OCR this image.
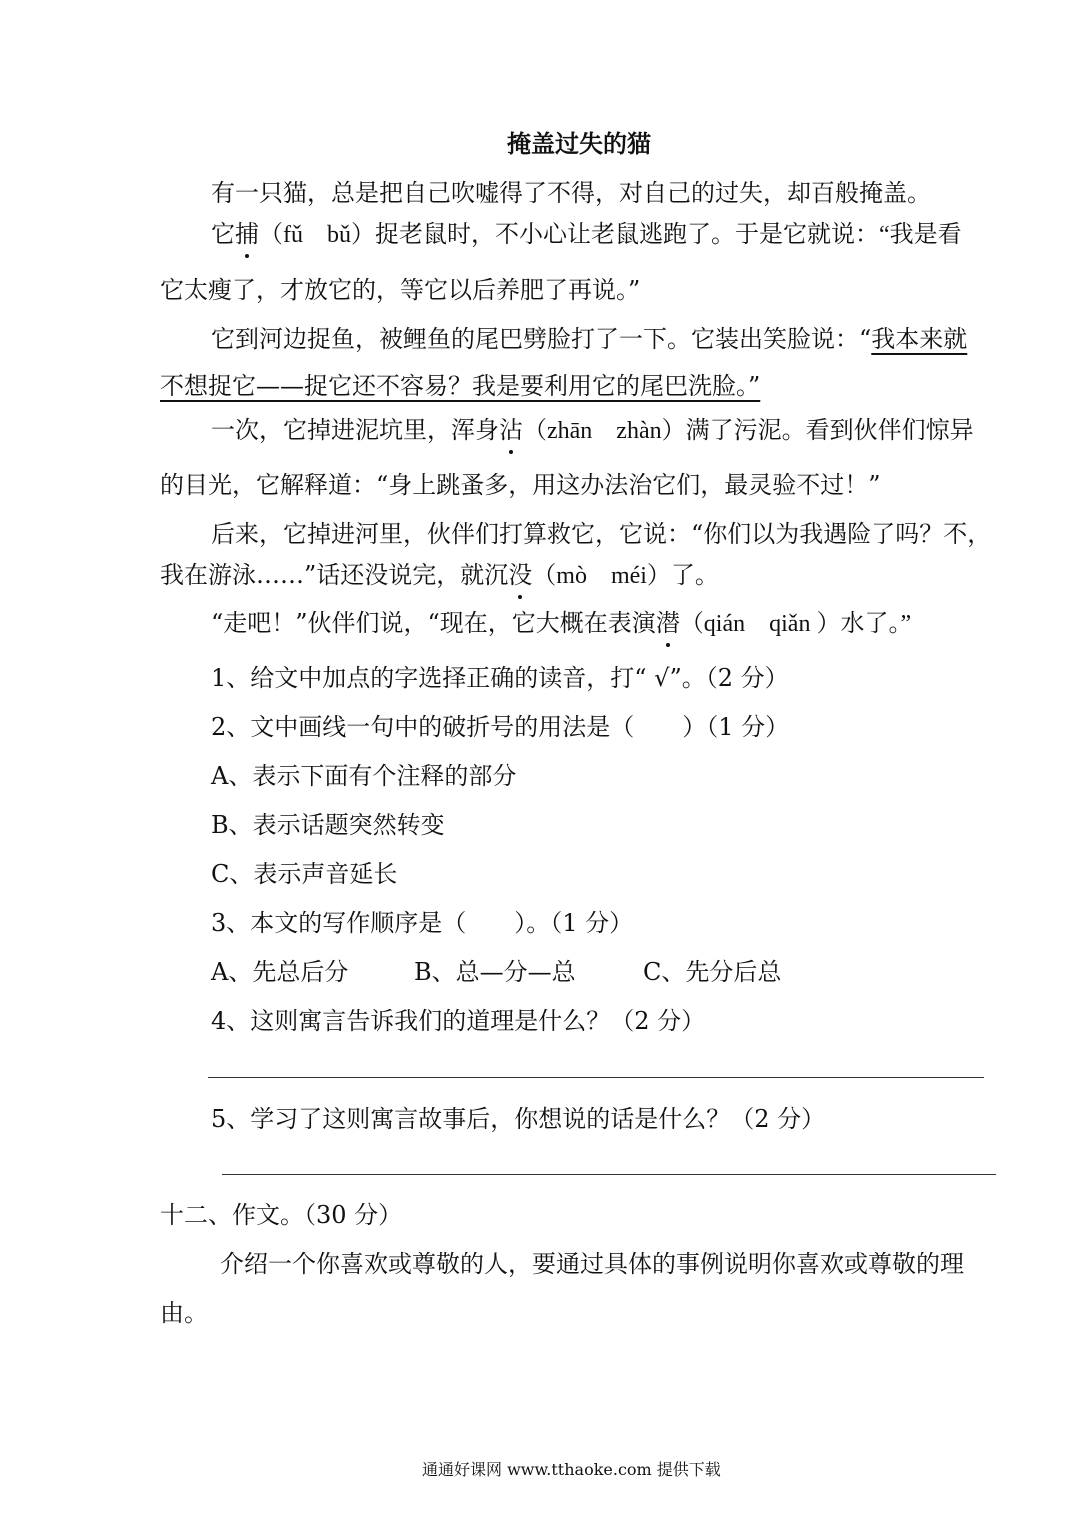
掩盖过失的猫
有一只猫，总是把自己吹嘘得了不得，对自己的过失，却百般掩盖。
它捕（fǔ　bǔ）捉老鼠时，不小心让老鼠逃跑了。于是它就说：“我是看
它太瘦了，才放它的，等它以后养肥了再说。”
它到河边捉鱼，被鲤鱼的尾巴劈脸打了一下。它装出笑脸说：“我本来就
不想捉它——捉它还不容易？我是要利用它的尾巴洗脸。”
一次，它掉进泥坑里，浑身沾（zhān　zhàn）满了污泥。看到伙伴们惊异
的目光，它解释道：“身上跳蚤多，用这办法治它们，最灵验不过！”
后来，它掉进河里，伙伴们打算救它，它说：“你们以为我遇险了吗？不，
我在游泳……”话还没说完，就沉没（mò　méi）了。
“走吧！”伙伴们说，“现在，它大概在表演潜（qián　qiǎn ）水了。”
1、给文中加点的字选择正确的读音，打“ √”。（2 分）
2、文中画线一句中的破折号的用法是（　　）（1 分）
A、表示下面有个注释的部分
B、表示话题突然转变
C、表示声音延长
3、本文的写作顺序是（　　）。（1 分）
A、先总后分	B、总—分—总	C、先分后总
4、这则寓言告诉我们的道理是什么？（2 分）
5、学习了这则寓言故事后，你想说的话是什么？（2 分）
十二、作文。（30 分）
介绍一个你喜欢或尊敬的人，要通过具体的事例说明你喜欢或尊敬的理
由。
通通好课网 www.tthaoke.com 提供下载
